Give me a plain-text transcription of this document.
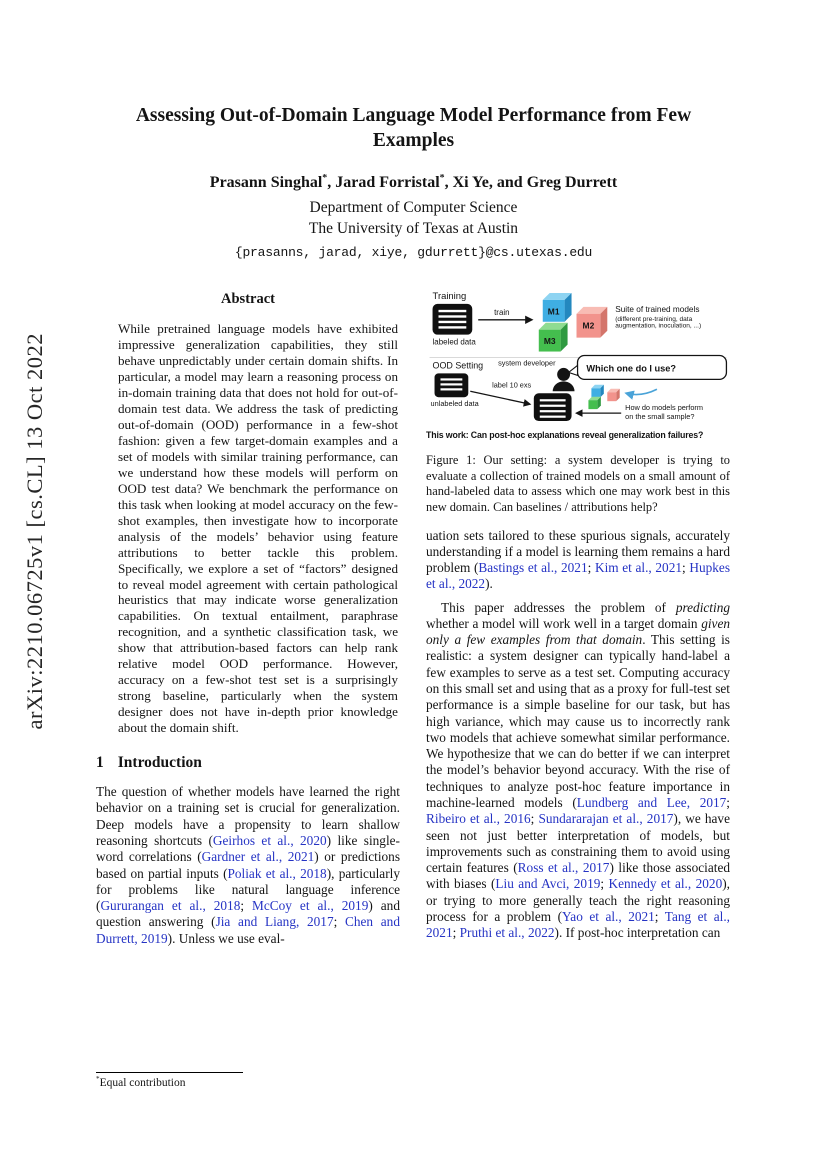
arXiv:2210.06725v1 [cs.CL] 13 Oct 2022
Assessing Out-of-Domain Language Model Performance from Few Examples
Prasann Singhal*, Jarad Forristal*, Xi Ye, and Greg Durrett
Department of Computer Science
The University of Texas at Austin
{prasanns, jarad, xiye, gdurrett}@cs.utexas.edu
Abstract

While pretrained language models have exhibited impressive generalization capabilities, they still behave unpredictably under certain domain shifts. In particular, a model may learn a reasoning process on in-domain training data that does not hold for out-of-domain test data. We address the task of predicting out-of-domain (OOD) performance in a few-shot fashion: given a few target-domain examples and a set of models with similar training performance, can we understand how these models will perform on OOD test data? We benchmark the performance on this task when looking at model accuracy on the few-shot examples, then investigate how to incorporate analysis of the models’ behavior using feature attributions to better tackle this problem. Specifically, we explore a set of “factors” designed to reveal model agreement with certain pathological heuristics that may indicate worse generalization capabilities. On textual entailment, paraphrase recognition, and a synthetic classification task, we show that attribution-based factors can help rank relative model OOD performance. However, accuracy on a few-shot test set is a surprisingly strong baseline, particularly when the system designer does not have in-depth prior knowledge about the domain shift.

1 Introduction

The question of whether models have learned the right behavior on a training set is crucial for generalization. Deep models have a propensity to learn shallow reasoning shortcuts (Geirhos et al., 2020) like single-word correlations (Gardner et al., 2021) or predictions based on partial inputs (Poliak et al., 2018), particularly for problems like natural language inference (Gururangan et al., 2018; McCoy et al., 2019) and question answering (Jia and Liang, 2017; Chen and Durrett, 2019). Unless we use eval-

Training
labeled data
train
M2
M1
M3
Suite of trained models
(different pre-training, data
augmentation, inoculation, ...)
OOD Setting
unlabeled data
system developer
Which one do I use?
label 10 exs
How do models perform
on the small sample?
This work: Can post-hoc explanations reveal generalization failures?
Figure 1: Our setting: a system developer is trying to evaluate a collection of trained models on a small amount of hand-labeled data to assess which one may work best in this new domain. Can baselines / attributions help?

uation sets tailored to these spurious signals, accurately understanding if a model is learning them remains a hard problem (Bastings et al., 2021; Kim et al., 2021; Hupkes et al., 2022).

This paper addresses the problem of predicting whether a model will work well in a target domain given only a few examples from that domain. This setting is realistic: a system designer can typically hand-label a few examples to serve as a test set. Computing accuracy on this small set and using that as a proxy for full-test set performance is a simple baseline for our task, but has high variance, which may cause us to incorrectly rank two models that achieve somewhat similar performance. We hypothesize that we can do better if we can interpret the model’s behavior beyond accuracy. With the rise of techniques to analyze post-hoc feature importance in machine-learned models (Lundberg and Lee, 2017; Ribeiro et al., 2016; Sundararajan et al., 2017), we have seen not just better interpretation of models, but improvements such as constraining them to avoid using certain features (Ross et al., 2017) like those associated with biases (Liu and Avci, 2019; Kennedy et al., 2020), or trying to more generally teach the right reasoning process for a problem (Yao et al., 2021; Tang et al., 2021; Pruthi et al., 2022). If post-hoc interpretation can

*Equal contribution
